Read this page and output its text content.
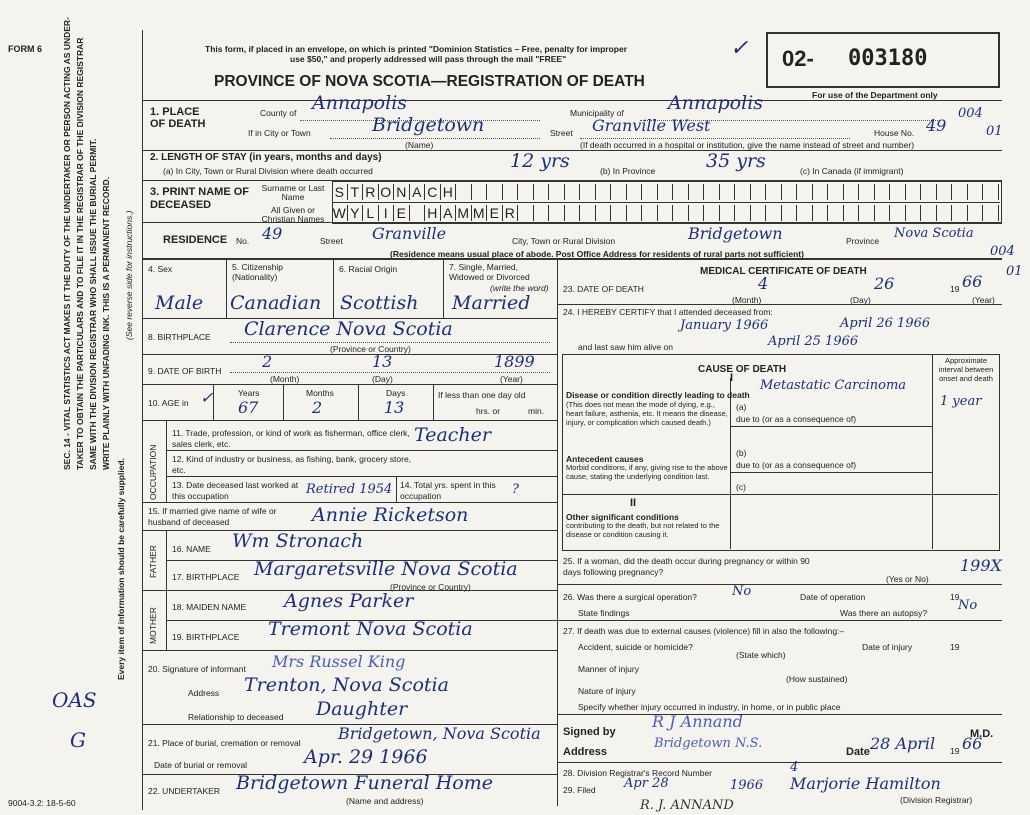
FORM 6 SEC. 14 - VITAL STATISTICS ACT MAKES IT THE DUTY OF THE UNDERTAKER OR PERSON ACTING AS UNDER- TAKER TO OBTAIN THE PARTICULARS AND TO FILE IT IN THE REGISTRAR OF THE DIVISION REGISTRAR SAME WITH THE DIVISION REGISTRAR WHO SHALL ISSUE THE BURIAL PERMIT. WRITE PLAINLY WITH UNFADING INK. THIS IS A PERMANENT RECORD.
Every item of information should be carefully supplied.
(See reverse side for instructions.)
OAS
G
9004-3.2: 18-5-60
This form, if placed in an envelope, on which is printed "Dominion Statistics – Free, penalty for improper
use $50," and properly addressed will pass through the mail "FREE"
PROVINCE OF NOVA SCOTIA—REGISTRATION OF DEATH
✓ 02- 003180
For use of the Department only
1. PLACE OF DEATH
County of Annapolis	Municipality of Annapolis	004
If in City or Town	Bridgetown
(Name)
Street Granville West	House No. 49	01
(If death occurred in a hospital or institution, give the name instead of street and number)
2. LENGTH OF STAY (in years, months and days)
(a) In City, Town or Rural Division where death occurred	12 yrs	(b) In Province	35 yrs	(c) In Canada (if immigrant)
3. PRINT NAME OF DECEASED
Surname or Last Name
All Given or Christian Names
S T R O N A C H
W Y L I E H A M M E R
RESIDENCE No. 49	Street Granville	City, Town or Rural Division	Bridgetown	Province Nova Scotia
(Residence means usual place of abode. Post Office Address for residents of rural parts not sufficient)	004
01
4. Sex	5. Citizenship (Nationality)
6. Racial Origin	7. Single, Married, Widowed or Divorced
(write the word)
Male Canadian Scottish Married
8. BIRTHPLACE Clarence Nova Scotia
(Province or Country)
9. DATE OF BIRTH	2	13	1899
(Month)	(Day)	(Year)
10. AGE in ✓	Years	Months	Days
67	2	13
If less than one day old
hrs. or	min.
OCCUPATION
11. Trade, profession, or kind of work as fisherman, office clerk, sales clerk, etc.	Teacher
12. Kind of industry or business, as fishing, bank, grocery store, etc.
13. Date deceased last worked at this occupation	Retired 1954 14. Total yrs. spent in this occupation	?
15. If married give name of wife or husband of deceased	Annie Ricketson
FATHER 16. NAME Wm Stronach
17. BIRTHPLACE Margaretsville Nova Scotia
(Province or Country)
MOTHER
18. MAIDEN NAME Agnes Parker
19. BIRTHPLACE Tremont Nova Scotia
20. Signature of informant Mrs Russel King
Address Trenton, Nova Scotia
Relationship to deceased Daughter
21. Place of burial, cremation or removal Bridgetown, Nova Scotia
Date of burial or removal	Apr. 29 1966
22. UNDERTAKER Bridgetown Funeral Home
(Name and address)
MEDICAL CERTIFICATE OF DEATH
23. DATE OF DEATH	4	26	19 66
(Month)	(Day)	(Year)
24. I HEREBY CERTIFY that I attended deceased from:
January 1966	April 26 1966
and last saw him alive on	April 25 1966
CAUSE OF DEATH
Approximate interval between onset and death
I
Disease or condition directly leading to death
(This does not mean the mode of dying, e.g., heart failure, asthenia, etc. It means the disease, injury, or complication which caused death.)
(a)
Metastatic Carcinoma
1 year
due to (or as a consequence of)
Antecedent causes
Morbid conditions, if any, giving rise to the above cause, stating the underlying condition last.
(b)
due to (or as a consequence of)
(c)
II
Other significant conditions
contributing to the death, but not related to the disease or condition causing it.
25. If a woman, did the death occur during pregnancy or within 90 days following pregnancy?
(Yes or No)
199X
26. Was there a surgical operation?	No	Date of operation	19
State findings	Was there an autopsy? No
27. If death was due to external causes (violence) fill in also the following:–
Accident, suicide or homicide?
(State which)
Date of injury	19
Manner of injury
Nature of injury
(How sustained)
Specify whether injury occurred in industry, in home, or in public place
Signed by
R J Annand
M.D.
Address
Bridgetown N.S.
Date 28 April 19 66
28. Division Registrar's Record Number	4
29. Filed Apr 28	1966 Marjorie Hamilton
(Division Registrar)
R. J. ANNAND
